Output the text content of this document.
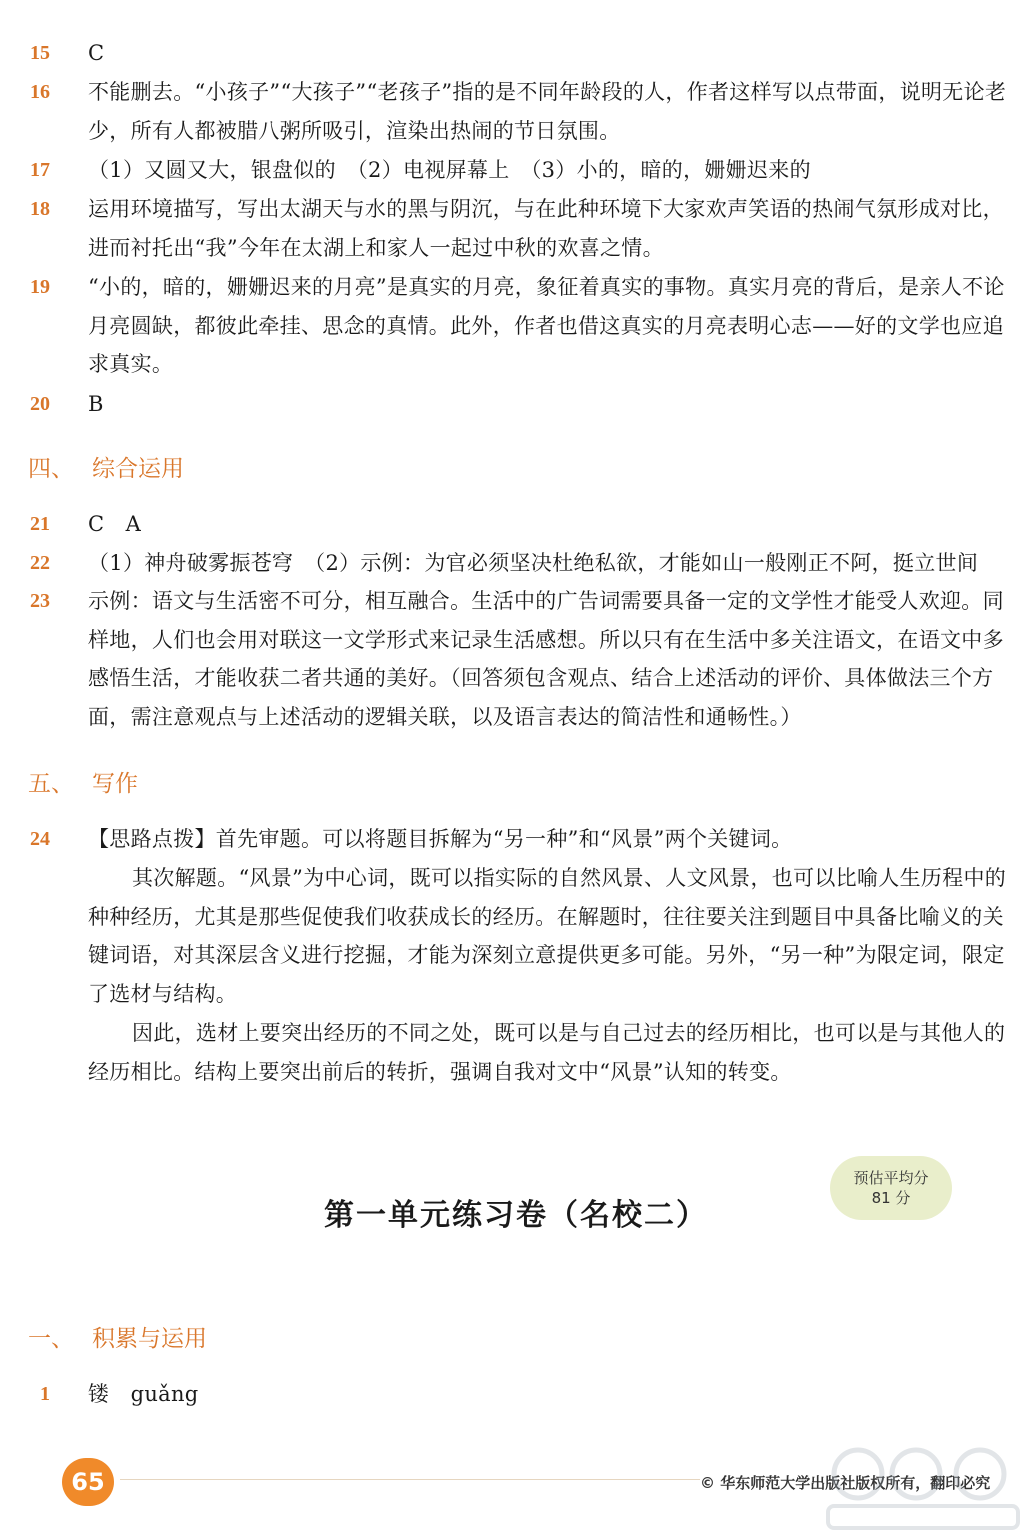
15	C
16	不能删去。“小孩子”“大孩子”“老孩子”指的是不同年龄段的人，作者这样写以点带面，说明无论老少，所有人都被腊八粥所吸引，渲染出热闹的节日氛围。
17	（1）又圆又大，银盘似的　（2）电视屏幕上　（3）小的，暗的，姗姗迟来的
18	运用环境描写，写出太湖天与水的黑与阴沉，与在此种环境下大家欢声笑语的热闹气氛形成对比，进而衬托出“我”今年在太湖上和家人一起过中秋的欢喜之情。
19	“小的，暗的，姗姗迟来的月亮”是真实的月亮，象征着真实的事物。真实月亮的背后，是亲人不论月亮圆缺，都彼此牵挂、思念的真情。此外，作者也借这真实的月亮表明心志——好的文学也应追求真实。
20	B
四、 综合运用
21	C　A
22	（1）神舟破雾振苍穹　（2）示例：为官必须坚决杜绝私欲，才能如山一般刚正不阿，挺立世间
23	示例：语文与生活密不可分，相互融合。生活中的广告词需要具备一定的文学性才能受人欢迎。同样地，人们也会用对联这一文学形式来记录生活感想。所以只有在生活中多关注语文，在语文中多感悟生活，才能收获二者共通的美好。（回答须包含观点、结合上述活动的评价、具体做法三个方面，需注意观点与上述活动的逻辑关联，以及语言表达的简洁性和通畅性。）
五、 写作
24	【思路点拨】首先审题。可以将题目拆解为“另一种”和“风景”两个关键词。
其次解题。“风景”为中心词，既可以指实际的自然风景、人文风景，也可以比喻人生历程中的种种经历，尤其是那些促使我们收获成长的经历。在解题时，往往要关注到题目中具备比喻义的关键词语，对其深层含义进行挖掘，才能为深刻立意提供更多可能。另外，“另一种”为限定词，限定了选材与结构。
因此，选材上要突出经历的不同之处，既可以是与自己过去的经历相比，也可以是与其他人的经历相比。结构上要突出前后的转折，强调自我对文中“风景”认知的转变。
预估平均分
81 分
第一单元练习卷（名校二）
一、 积累与运用
1	镂　guǎng
65	© 华东师范大学出版社版权所有，翻印必究
